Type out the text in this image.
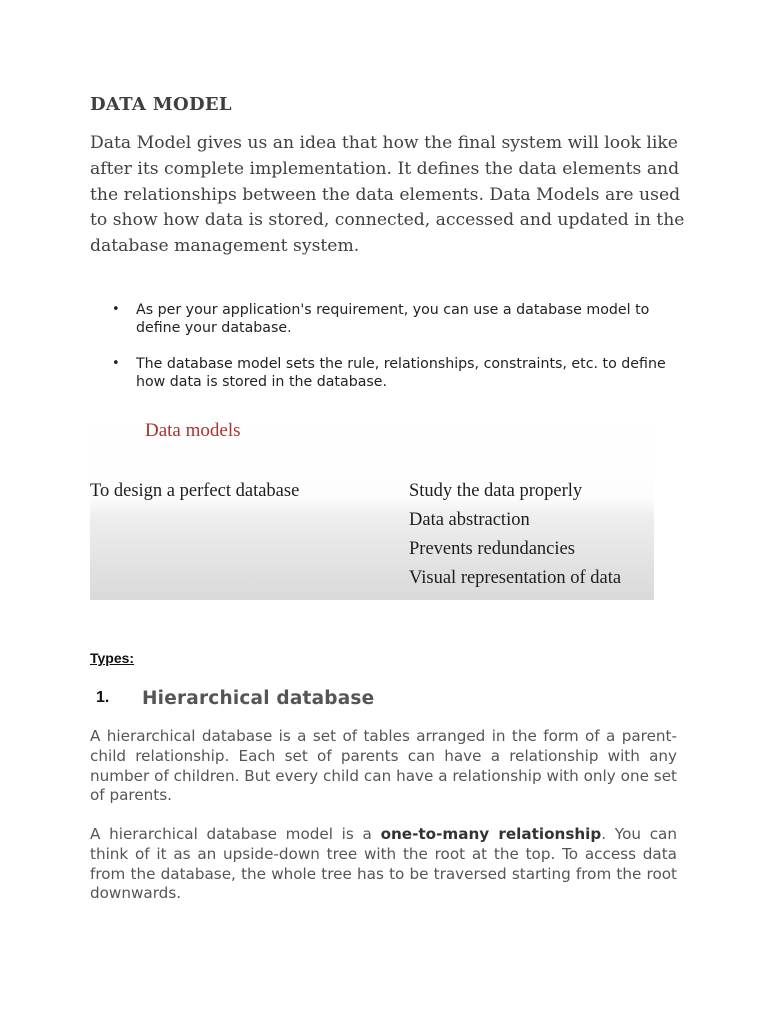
DATA MODEL

Data Model gives us an idea that how the final system will look like after its complete implementation. It defines the data elements and the relationships between the data elements. Data Models are used to show how data is stored, connected, accessed and updated in the database management system.

• As per your application's requirement, you can use a database model to define your database.
• The database model sets the rule, relationships, constraints, etc. to define how data is stored in the database.
Data models
To design a perfect database	Study the data properly
Data abstraction
Prevents redundancies
Visual representation of data
Types:
1. Hierarchical database

A hierarchical database is a set of tables arranged in the form of a parent-child relationship. Each set of parents can have a relationship with any number of children. But every child can have a relationship with only one set of parents.

A hierarchical database model is a one-to-many relationship. You can think of it as an upside-down tree with the root at the top. To access data from the database, the whole tree has to be traversed starting from the root downwards.
